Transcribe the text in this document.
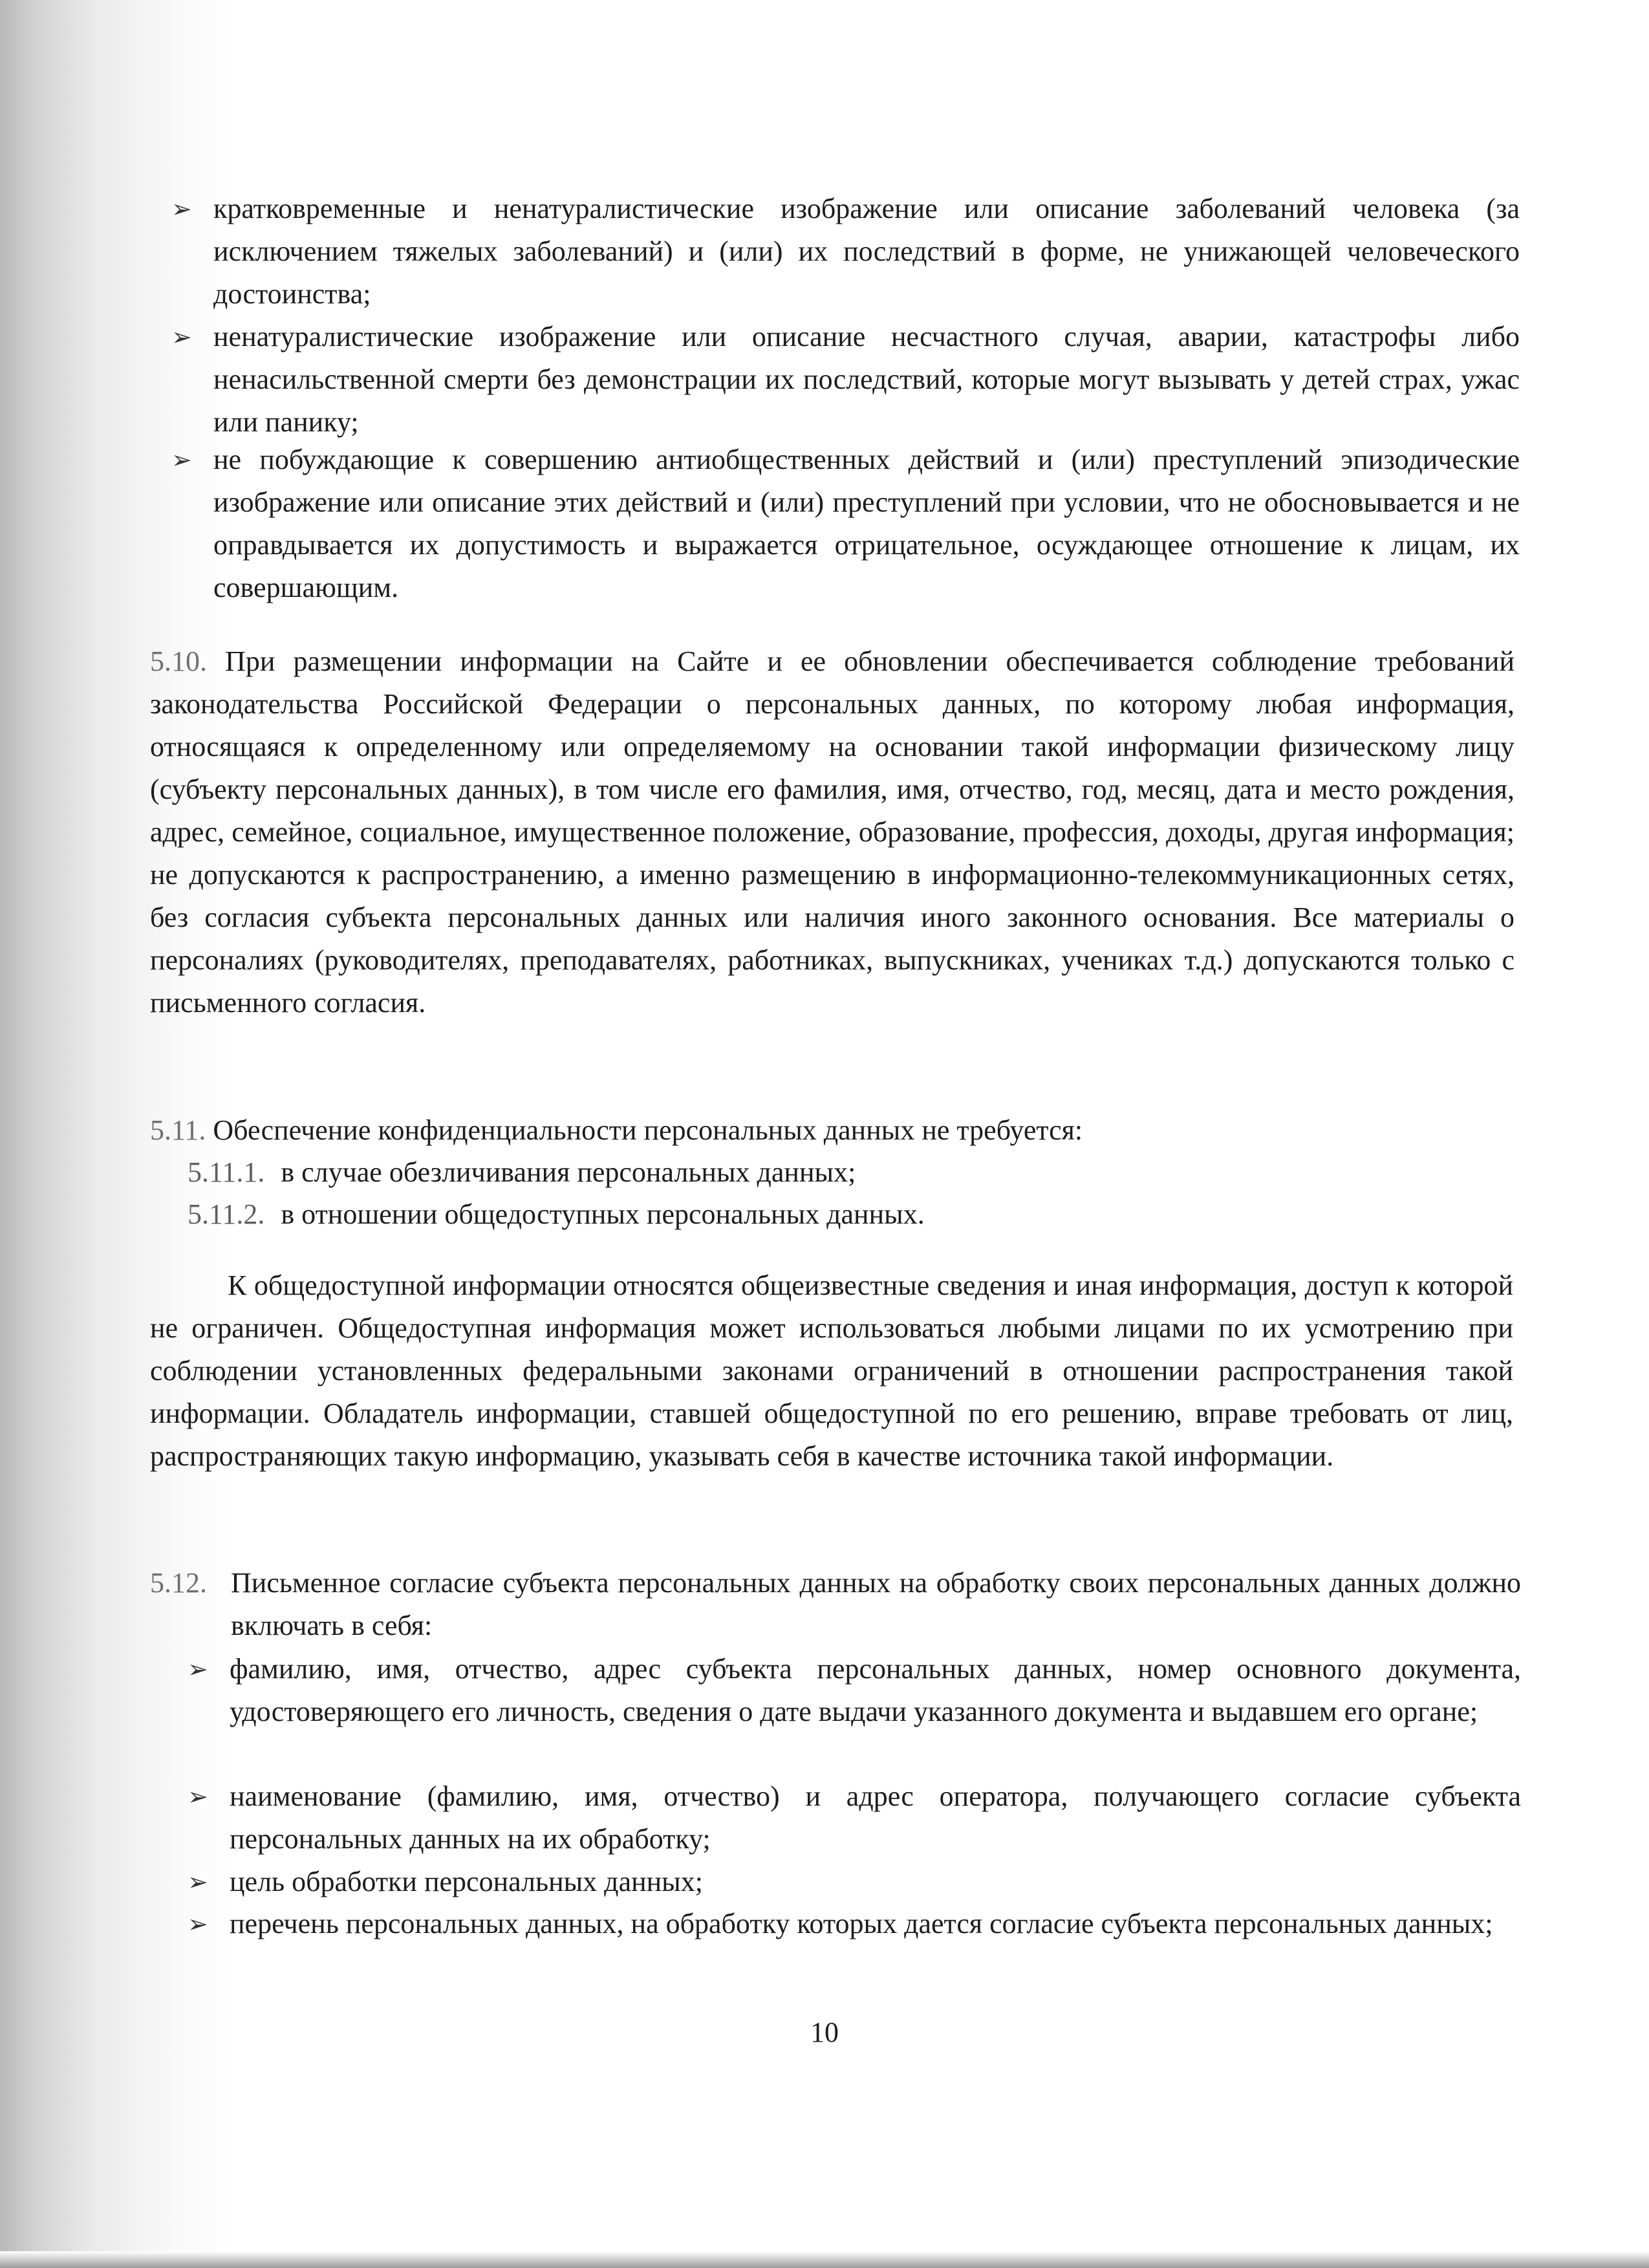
➢ кратковременные и ненатуралистические изображение или описание заболеваний человека (за исключением тяжелых заболеваний) и (или) их последствий в форме, не унижающей человеческого достоинства;
➢ ненатуралистические изображение или описание несчастного случая, аварии, катастрофы либо ненасильственной смерти без демонстрации их последствий, которые могут вызывать у детей страх, ужас или панику;
➢ не побуждающие к совершению антиобщественных действий и (или) преступлений эпизодические изображение или описание этих действий и (или) преступлений при условии, что не обосновывается и не оправдывается их допустимость и выражается отрицательное, осуждающее отношение к лицам, их совершающим.
5.10. При размещении информации на Сайте и ее обновлении обеспечивается соблюдение требований законодательства Российской Федерации о персональных данных, по которому любая информация, относящаяся к определенному или определяемому на основании такой информации физическому лицу (субъекту персональных данных), в том числе его фамилия, имя, отчество, год, месяц, дата и место рождения, адрес, семейное, социальное, имущественное положение, образование, профессия, доходы, другая информация; не допускаются к распространению, а именно размещению в информационно-телекоммуникационных сетях, без согласия субъекта персональных данных или наличия иного законного основания. Все материалы о персоналиях (руководителях, преподавателях, работниках, выпускниках, учениках т.д.) допускаются только с письменного согласия.
5.11. Обеспечение конфиденциальности персональных данных не требуется:
5.11.1. в случае обезличивания персональных данных;
5.11.2. в отношении общедоступных персональных данных.
К общедоступной информации относятся общеизвестные сведения и иная информация, доступ к которой не ограничен. Общедоступная информация может использоваться любыми лицами по их усмотрению при соблюдении установленных федеральными законами ограничений в отношении распространения такой информации. Обладатель информации, ставшей общедоступной по его решению, вправе требовать от лиц, распространяющих такую информацию, указывать себя в качестве источника такой информации.
5.12. Письменное согласие субъекта персональных данных на обработку своих персональных данных должно включать в себя:
➢ фамилию, имя, отчество, адрес субъекта персональных данных, номер основного документа, удостоверяющего его личность, сведения о дате выдачи указанного документа и выдавшем его органе;
➢ наименование (фамилию, имя, отчество) и адрес оператора, получающего согласие субъекта персональных данных на их обработку;
➢ цель обработки персональных данных;
➢ перечень персональных данных, на обработку которых дается согласие субъекта персональных данных;
10
